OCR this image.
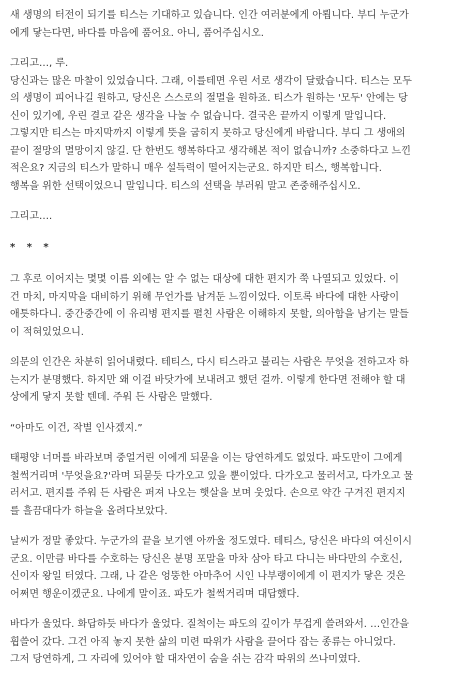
새 생명의 터전이 되기를 티스는 기대하고 있습니다. 인간 여러분에게 아룁니다. 부디 누군가
에게 닿는다면, 바다를 마음에 품어요. 아니, 품어주십시오.
그리고…, 루.
당신과는 많은 마찰이 있었습니다. 그래, 이를테면 우린 서로 생각이 달랐습니다. 티스는 모두
의 생명이 피어나길 원하고, 당신은 스스로의 절멸을 원하죠. 티스가 원하는 '모두' 안에는 당
신이 있기에, 우린 결코 같은 생각을 나눌 수 없습니다. 결국은 끝까지 이렇게 말입니다.
그렇지만 티스는 마지막까지 이렇게 뜻을 굽히지 못하고 당신에게 바랍니다. 부디 그 생애의
끝이 절망의 멸망이지 않길. 단 한번도 행복하다고 생각해본 적이 없습니까? 소중하다고 느낀
적은요? 지금의 티스가 말하니 매우 설득력이 떨어지는군요. 하지만 티스, 행복합니다.
행복을 위한 선택이었으니 말입니다. 티스의 선택을 부러워 말고 존중해주십시오.
그리고….
* * *
그 후로 이어지는 몇몇 이름 외에는 알 수 없는 대상에 대한 편지가 쭉 나열되고 있었다. 이
건 마치, 마지막을 대비하기 위해 무언가를 남겨둔 느낌이었다. 이토록 바다에 대한 사랑이
애틋하다니. 중간중간에 이 유리병 편지를 펼친 사람은 이해하지 못할, 의아함을 남기는 말들
이 적혀있었으니.
의문의 인간은 차분히 읽어내렸다. 테티스, 다시 티스라고 불리는 사람은 무엇을 전하고자 하
는지가 분명했다. 하지만 왜 이걸 바닷가에 보내려고 했던 걸까. 이렇게 한다면 전해야 할 대
상에게 닿지 못할 텐데. 주워 든 사람은 말했다.
“아마도 이건, 작별 인사겠지.”
태평양 너머를 바라보며 중얼거린 이에게 되묻을 이는 당연하게도 없었다. 파도만이 그에게
철썩거리며 '무엇을요?'라며 되묻듯 다가오고 있을 뿐이었다. 다가오고 물러서고, 다가오고 물
러서고. 편지를 주워 든 사람은 퍼져 나오는 햇살을 보며 웃었다. 손으로 약간 구겨진 편지지
를 흘끔대다가 하늘을 올려다보았다.
날씨가 정말 좋았다. 누군가의 끝을 보기엔 아까울 정도였다. 테티스, 당신은 바다의 여신이시
군요. 이만큼 바다를 수호하는 당신은 분명 포말을 마차 삼아 타고 다니는 바다만의 수호신,
신이자 왕일 터였다. 그래, 나 같은 엉뚱한 아마추어 시인 나부랭이에게 이 편지가 닿은 것은
어쩌면 행운이겠군요. 나에게 말이죠. 파도가 철썩거리며 대답했다.
바다가 울었다. 화답하듯 바다가 울었다. 질척이는 파도의 깊이가 무겁게 쓸려와서. …인간을
휩쓸어 갔다. 그건 아직 놓지 못한 삶의 미련 따위가 사람을 끌어다 잡는 종류는 아니었다.
그저 당연하게, 그 자리에 있어야 할 대자연이 숨을 쉬는 감각 따위의 쓰나미였다.
